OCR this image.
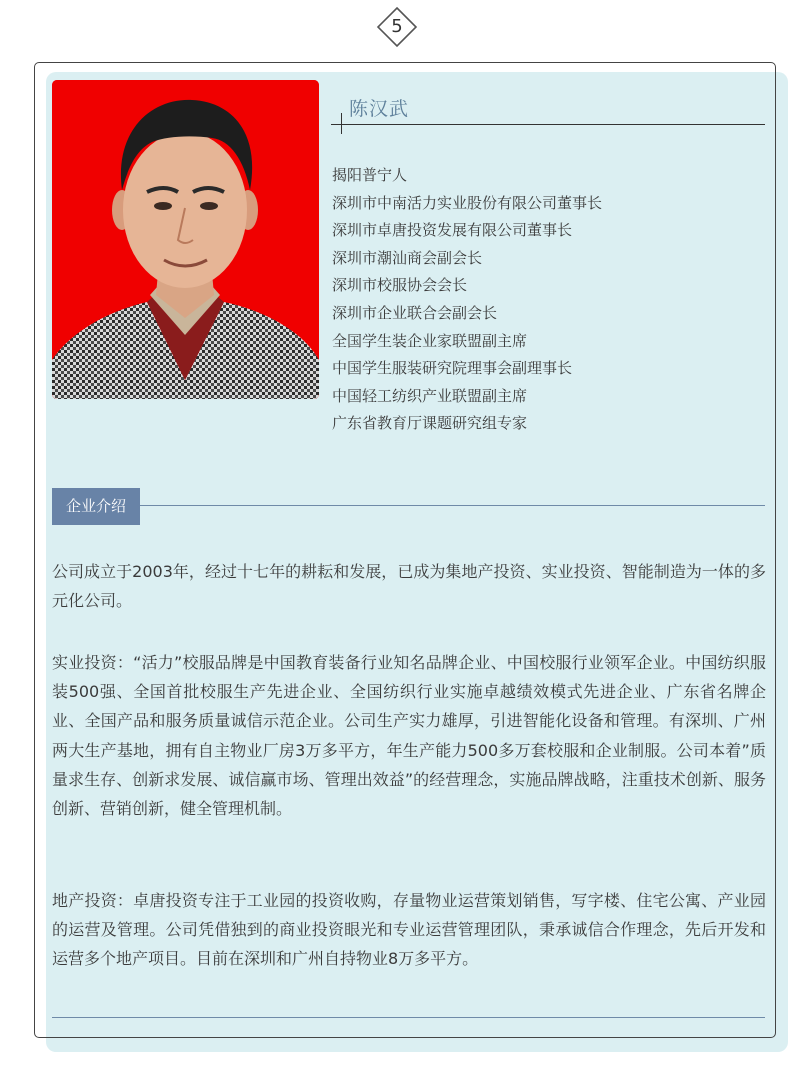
5
陈汉武
揭阳普宁人
深圳市中南活力实业股份有限公司董事长
深圳市卓唐投资发展有限公司董事长
深圳市潮汕商会副会长
深圳市校服协会会长
深圳市企业联合会副会长
全国学生装企业家联盟副主席
中国学生服装研究院理事会副理事长
中国轻工纺织产业联盟副主席
广东省教育厅课题研究组专家
企业介绍

公司成立于2003年，经过十七年的耕耘和发展，已成为集地产投资、实业投资、智能制造为一体的多元化公司。

实业投资：“活力”校服品牌是中国教育装备行业知名品牌企业、中国校服行业领军企业。中国纺织服装500强、全国首批校服生产先进企业、全国纺织行业实施卓越绩效模式先进企业、广东省名牌企业、全国产品和服务质量诚信示范企业。公司生产实力雄厚，引进智能化设备和管理。有深圳、广州两大生产基地，拥有自主物业厂房3万多平方，年生产能力500多万套校服和企业制服。公司本着”质量求生存、创新求发展、诚信赢市场、管理出效益”的经营理念，实施品牌战略，注重技术创新、服务创新、营销创新，健全管理机制。

地产投资：卓唐投资专注于工业园的投资收购，存量物业运营策划销售，写字楼、住宅公寓、产业园的运营及管理。公司凭借独到的商业投资眼光和专业运营管理团队，秉承诚信合作理念，先后开发和运营多个地产项目。目前在深圳和广州自持物业8万多平方。
